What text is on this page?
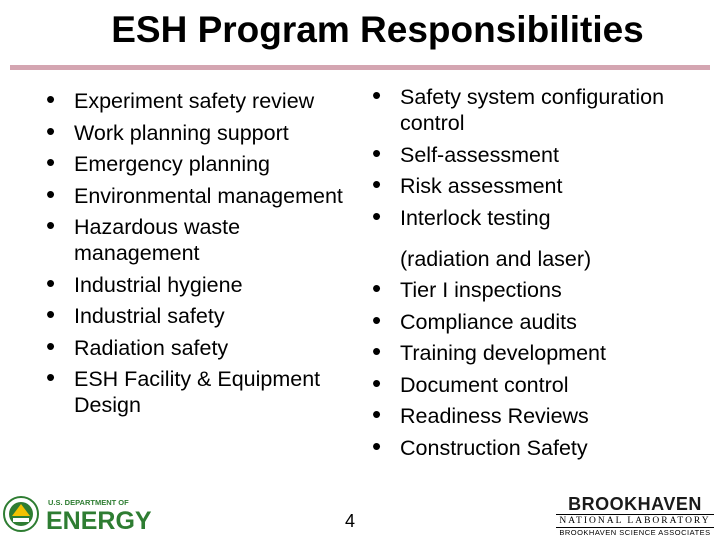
ESH Program Responsibilities
• Experiment safety review
• Work planning support
• Emergency planning
• Environmental management
• Hazardous waste management
• Industrial hygiene
• Industrial safety
• Radiation safety
• ESH Facility & Equipment Design
• Safety system configuration control
• Self-assessment
• Risk assessment
• Interlock testing
(radiation and laser)
• Tier I inspections
• Compliance audits
• Training development
• Document control
• Readiness Reviews
• Construction Safety
U.S. DEPARTMENT OF
ENERGY	4
BROOKHAVEN
NATIONAL LABORATORY
BROOKHAVEN SCIENCE ASSOCIATES
